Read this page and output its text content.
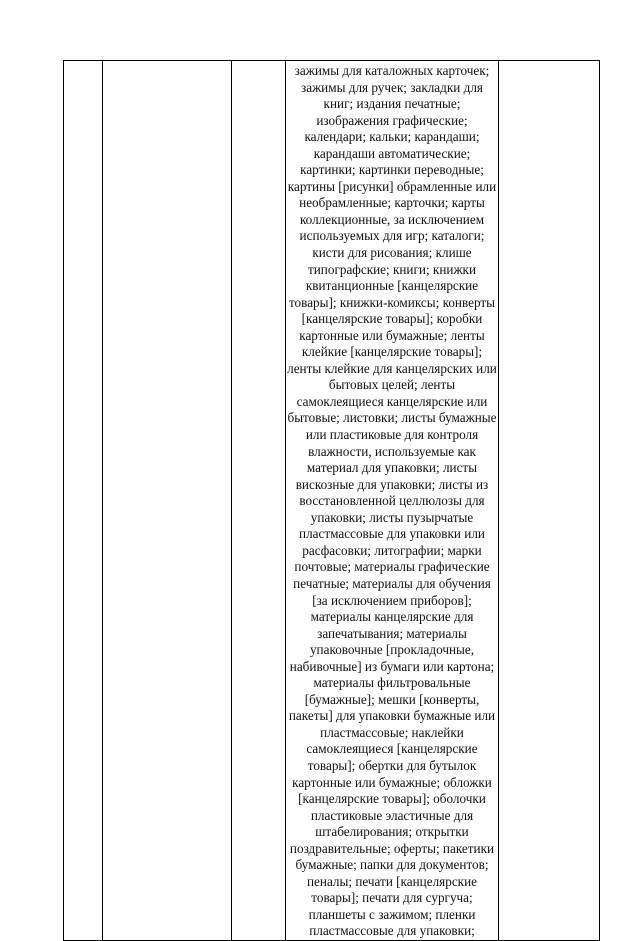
зажимы для каталожных карточек;
зажимы для ручек; закладки для
книг; издания печатные;
изображения графические;
календари; кальки; карандаши;
карандаши автоматические;
картинки; картинки переводные;
картины [рисунки] обрамленные или
необрамленные; карточки; карты
коллекционные, за исключением
используемых для игр; каталоги;
кисти для рисования; клише
типографские; книги; книжки
квитанционные [канцелярские
товары]; книжки-комиксы; конверты
[канцелярские товары]; коробки
картонные или бумажные; ленты
клейкие [канцелярские товары];
ленты клейкие для канцелярских или
бытовых целей; ленты
самоклеящиеся канцелярские или
бытовые; листовки; листы бумажные
или пластиковые для контроля
влажности, используемые как
материал для упаковки; листы
вискозные для упаковки; листы из
восстановленной целлюлозы для
упаковки; листы пузырчатые
пластмассовые для упаковки или
расфасовки; литографии; марки
почтовые; материалы графические
печатные; материалы для обучения
[за исключением приборов];
материалы канцелярские для
запечатывания; материалы
упаковочные [прокладочные,
набивочные] из бумаги или картона;
материалы фильтровальные
[бумажные]; мешки [конверты,
пакеты] для упаковки бумажные или
пластмассовые; наклейки
самоклеящиеся [канцелярские
товары]; обертки для бутылок
картонные или бумажные; обложки
[канцелярские товары]; оболочки
пластиковые эластичные для
штабелирования; открытки
поздравительные; оферты; пакетики
бумажные; папки для документов;
пеналы; печати [канцелярские
товары]; печати для сургуча;
планшеты с зажимом; пленки
пластмассовые для упаковки;
